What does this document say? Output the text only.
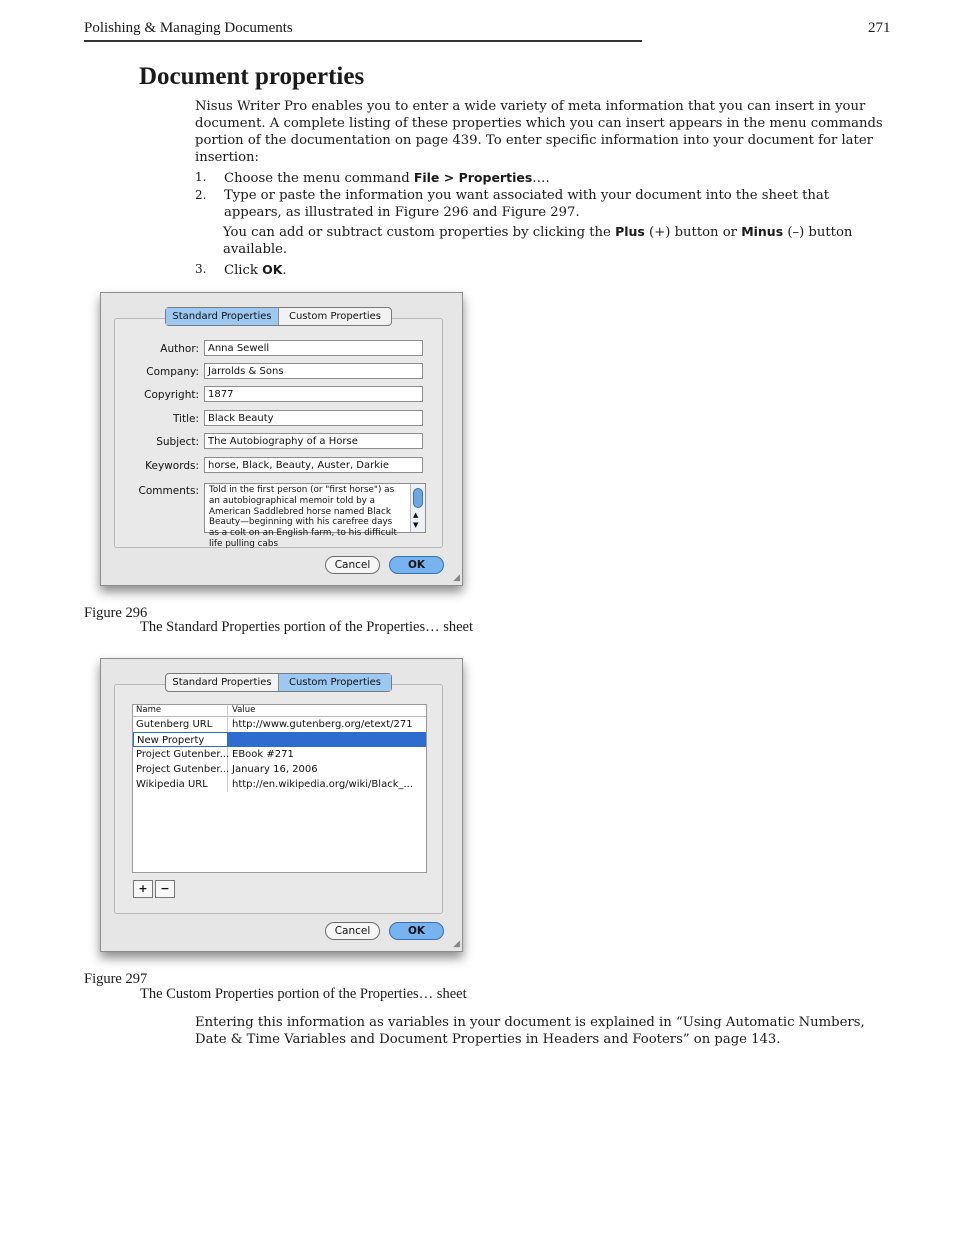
Polishing & Managing Documents	271
Document properties
Nisus Writer Pro enables you to enter a wide variety of meta information that you can insert in your document. A complete listing of these properties which you can insert appears in the menu commands portion of the documentation on page 439. To enter specific information into your document for later insertion:
1. Choose the menu command File > Properties….
2. Type or paste the information you want associated with your document into the sheet that appears, as illustrated in Figure 296 and Figure 297.
You can add or subtract custom properties by clicking the Plus (+) button or Minus (–) button available.
3. Click OK.
Standard Properties	Custom Properties
Author: Anna Sewell
Company: Jarrolds & Sons
Copyright: 1877
Title: Black Beauty
Subject: The Autobiography of a Horse
Keywords: horse, Black, Beauty, Auster, Darkie
Comments:	Told in the first person (or "first horse") as an autobiographical memoir told by a American Saddlebred horse named Black Beauty—beginning with his carefree days as a colt on an English farm, to his difficult life pulling cabs
▲
▼
Cancel	OK
◢
Figure 296
The Standard Properties portion of the Properties… sheet
Standard Properties	Custom Properties
Name	Value
Gutenberg URL	http://www.gutenberg.org/etext/271
New Property
Project Gutenber... EBook #271
Project Gutenber... January 16, 2006
Wikipedia URL	http://en.wikipedia.org/wiki/Black_...
+	−
Cancel	OK
◢
Figure 297
The Custom Properties portion of the Properties… sheet
Entering this information as variables in your document is explained in “Using Automatic Numbers, Date & Time Variables and Document Properties in Headers and Footers” on page 143.
